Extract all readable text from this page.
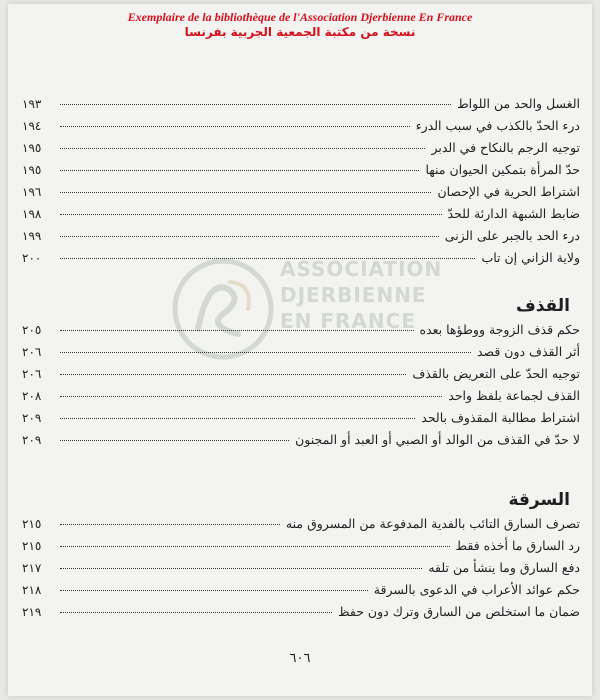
Exemplaire de la bibliothèque de l'Association Djerbienne En France
نسخة من مكتبة الجمعية الجربية بفرنسا
ASSOCIATION
DJERBIENNE
EN FRANCE
الغسل والحد من اللواط
١٩٣
درء الحدّ بالكذب في سبب الدرء
١٩٤
توجيه الرجم بالنكاح في الدبر
١٩٥
حدّ المرأة بتمكين الحيوان منها
١٩٥
اشتراط الحرية في الإحصان
١٩٦
ضابط الشبهة الدارئة للحدّ
١٩٨
درء الحد بالجبر على الزنى
١٩٩
ولاية الزاني إن تاب
٢٠٠
القذف
حكم قذف الزوجة ووطؤها بعده
٢٠٥
أثر القذف دون قصد
٢٠٦
توجيه الحدّ على التعريض بالقذف
٢٠٦
القذف لجماعة بلفظ واحد
٢٠٨
اشتراط مطالبة المقذوف بالحد
٢٠٩
لا حدّ في القذف من الوالد أو الصبي أو العبد أو المجنون
٢٠٩
السرقة
تصرف السارق التائب بالفدية المدفوعة من المسروق منه
٢١٥
رد السارق ما أخذه فقط
٢١٥
دفع السارق وما ينشأ من تلفه
٢١٧
حكم عوائد الأعراب في الدعوى بالسرقة
٢١٨
ضمان ما استخلص من السارق وترك دون حفظ
٢١٩
٦٠٦
